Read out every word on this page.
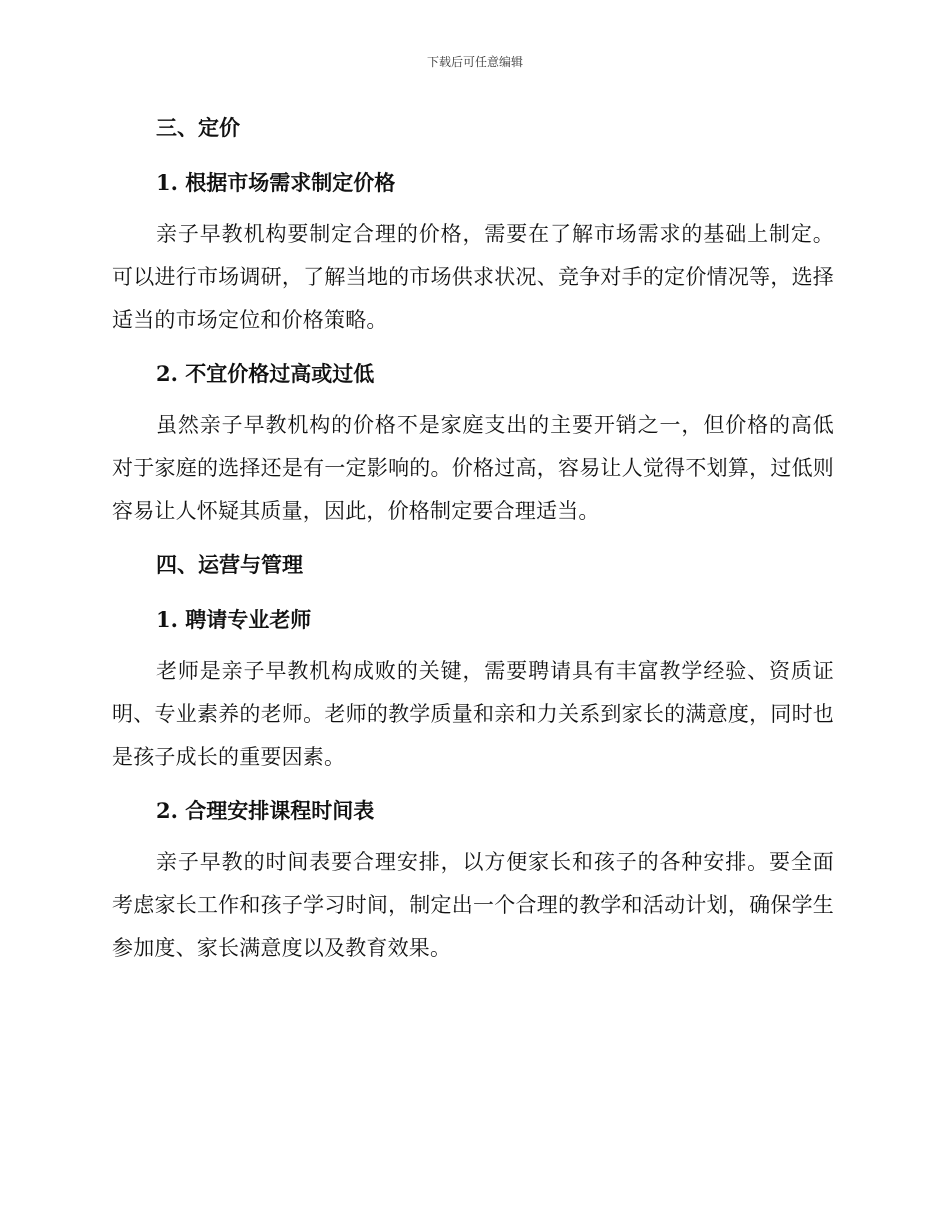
下载后可任意编辑
三、定价
1. 根据市场需求制定价格

亲子早教机构要制定合理的价格，需要在了解市场需求的基础上制定。可以进行市场调研，了解当地的市场供求状况、竞争对手的定价情况等，选择适当的市场定位和价格策略。

2. 不宜价格过高或过低

虽然亲子早教机构的价格不是家庭支出的主要开销之一，但价格的高低对于家庭的选择还是有一定影响的。价格过高，容易让人觉得不划算，过低则容易让人怀疑其质量，因此，价格制定要合理适当。

四、运营与管理
1. 聘请专业老师

老师是亲子早教机构成败的关键，需要聘请具有丰富教学经验、资质证明、专业素养的老师。老师的教学质量和亲和力关系到家长的满意度，同时也是孩子成长的重要因素。

2. 合理安排课程时间表

亲子早教的时间表要合理安排，以方便家长和孩子的各种安排。要全面考虑家长工作和孩子学习时间，制定出一个合理的教学和活动计划，确保学生参加度、家长满意度以及教育效果。
